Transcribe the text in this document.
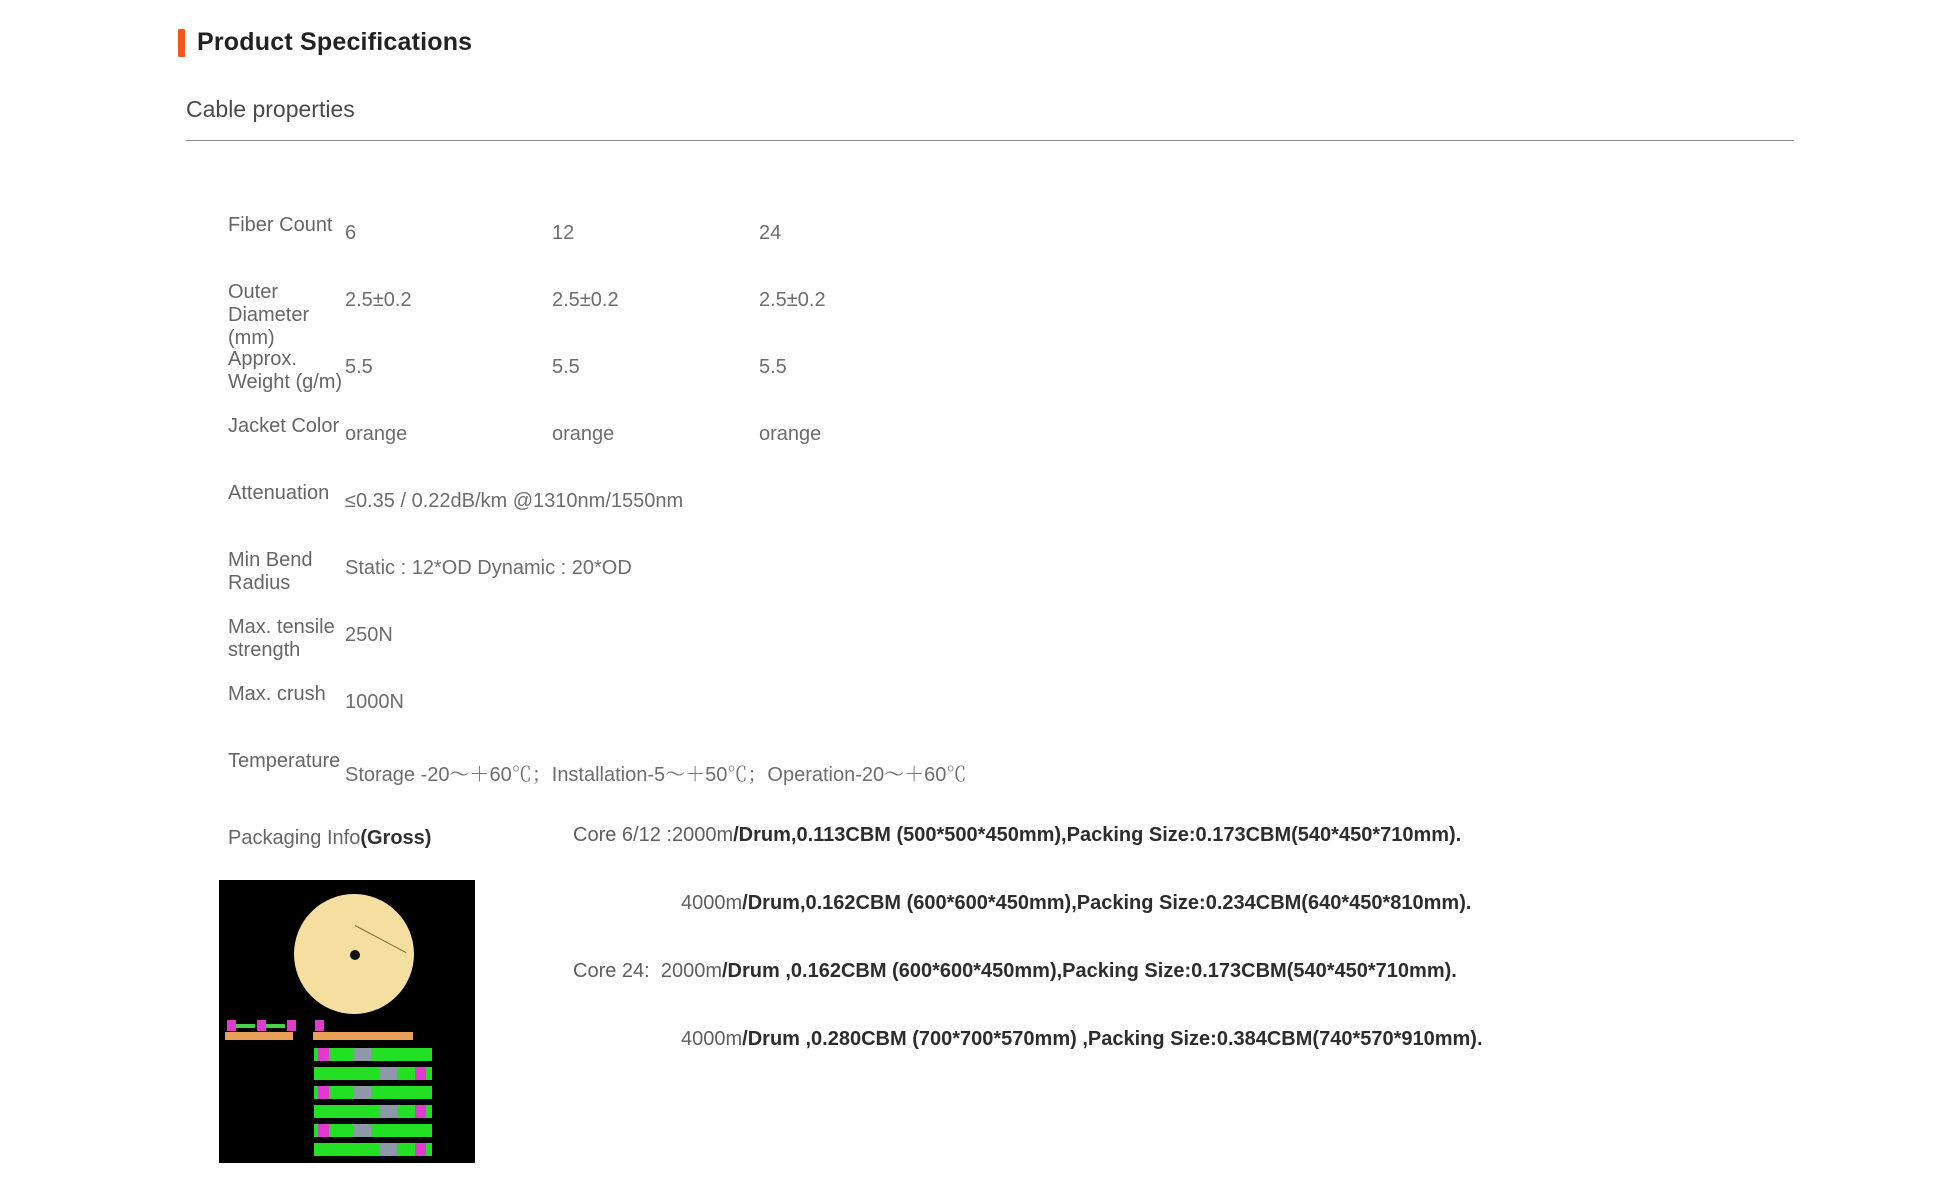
Product Specifications
Cable properties
Fiber Count 6	12	24
Outer Diameter (mm)
2.5±0.2	2.5±0.2	2.5±0.2
Approx. Weight (g/m)
5.5	5.5	5.5
Jacket Color orange	orange	orange
Attenuation ≤0.35 / 0.22dB/km @1310nm/1550nm
Min Bend Radius
Static : 12*OD Dynamic : 20*OD
Max. tensile strength
250N
Max. crush 1000N
Temperature
Storage -20～＋60℃；Installation-5～＋50℃；Operation-20～＋60℃
Packaging Info(Gross)	Core 6/12 :2000m/Drum,0.113CBM (500*500*450mm),Packing Size:0.173CBM(540*450*710mm).
4000m/Drum,0.162CBM (600*600*450mm),Packing Size:0.234CBM(640*450*810mm).
Core 24: 2000m/Drum ,0.162CBM (600*600*450mm),Packing Size:0.173CBM(540*450*710mm).
4000m/Drum ,0.280CBM (700*700*570mm) ,Packing Size:0.384CBM(740*570*910mm).
